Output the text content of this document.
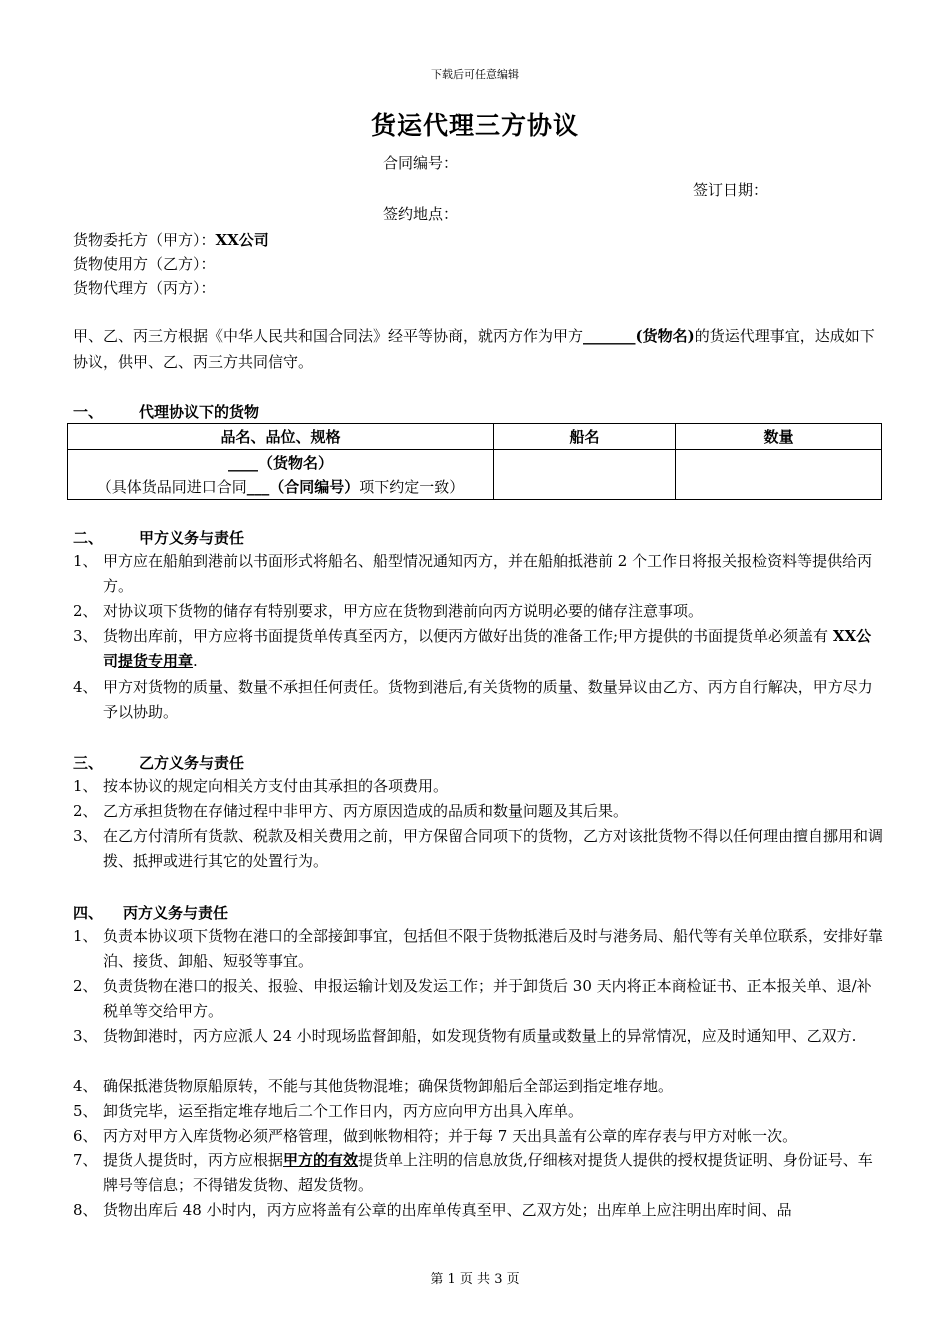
下载后可任意编辑
货运代理三方协议
合同编号：
签订日期：
签约地点：
货物委托方（甲方）：XX公司
货物使用方（乙方）：
货物代理方（丙方）：
甲、乙、丙三方根据《中华人民共和国合同法》经平等协商，就丙方作为甲方_______(货物名)的货运代理事宜，达成如下协议，供甲、乙、丙三方共同信守。
一、 代理协议下的货物
品名、品位、规格	船名	数量

____（货物名）
（具体货品同进口合同___（合同编号）项下约定一致）		

二、 甲方义务与责任
1、 甲方应在船舶到港前以书面形式将船名、船型情况通知丙方，并在船舶抵港前 2 个工作日将报关报检资料等提供给丙方。
2、 对协议项下货物的储存有特别要求，甲方应在货物到港前向丙方说明必要的储存注意事项。
3、 货物出库前，甲方应将书面提货单传真至丙方，以便丙方做好出货的准备工作;甲方提供的书面提货单必须盖有 XX公司提货专用章.
4、 甲方对货物的质量、数量不承担任何责任。货物到港后,有关货物的质量、数量异议由乙方、丙方自行解决，甲方尽力予以协助。
三、 乙方义务与责任
1、 按本协议的规定向相关方支付由其承担的各项费用。
2、 乙方承担货物在存储过程中非甲方、丙方原因造成的品质和数量问题及其后果。
3、 在乙方付清所有货款、税款及相关费用之前，甲方保留合同项下的货物，乙方对该批货物不得以任何理由擅自挪用和调拨、抵押或进行其它的处置行为。
四、 丙方义务与责任
1、 负责本协议项下货物在港口的全部接卸事宜，包括但不限于货物抵港后及时与港务局、船代等有关单位联系，安排好靠泊、接货、卸船、短驳等事宜。
2、 负责货物在港口的报关、报验、申报运输计划及发运工作；并于卸货后 30 天内将正本商检证书、正本报关单、退/补税单等交给甲方。
3、 货物卸港时，丙方应派人 24 小时现场监督卸船，如发现货物有质量或数量上的异常情况，应及时通知甲、乙双方.
4、 确保抵港货物原船原转，不能与其他货物混堆；确保货物卸船后全部运到指定堆存地。
5、 卸货完毕，运至指定堆存地后二个工作日内，丙方应向甲方出具入库单。
6、 丙方对甲方入库货物必须严格管理，做到帐物相符；并于每 7 天出具盖有公章的库存表与甲方对帐一次。
7、 提货人提货时，丙方应根据甲方的有效提货单上注明的信息放货,仔细核对提货人提供的授权提货证明、身份证号、车牌号等信息；不得错发货物、超发货物。
8、 货物出库后 48 小时内，丙方应将盖有公章的出库单传真至甲、乙双方处；出库单上应注明出库时间、品
第 1 页 共 3 页
